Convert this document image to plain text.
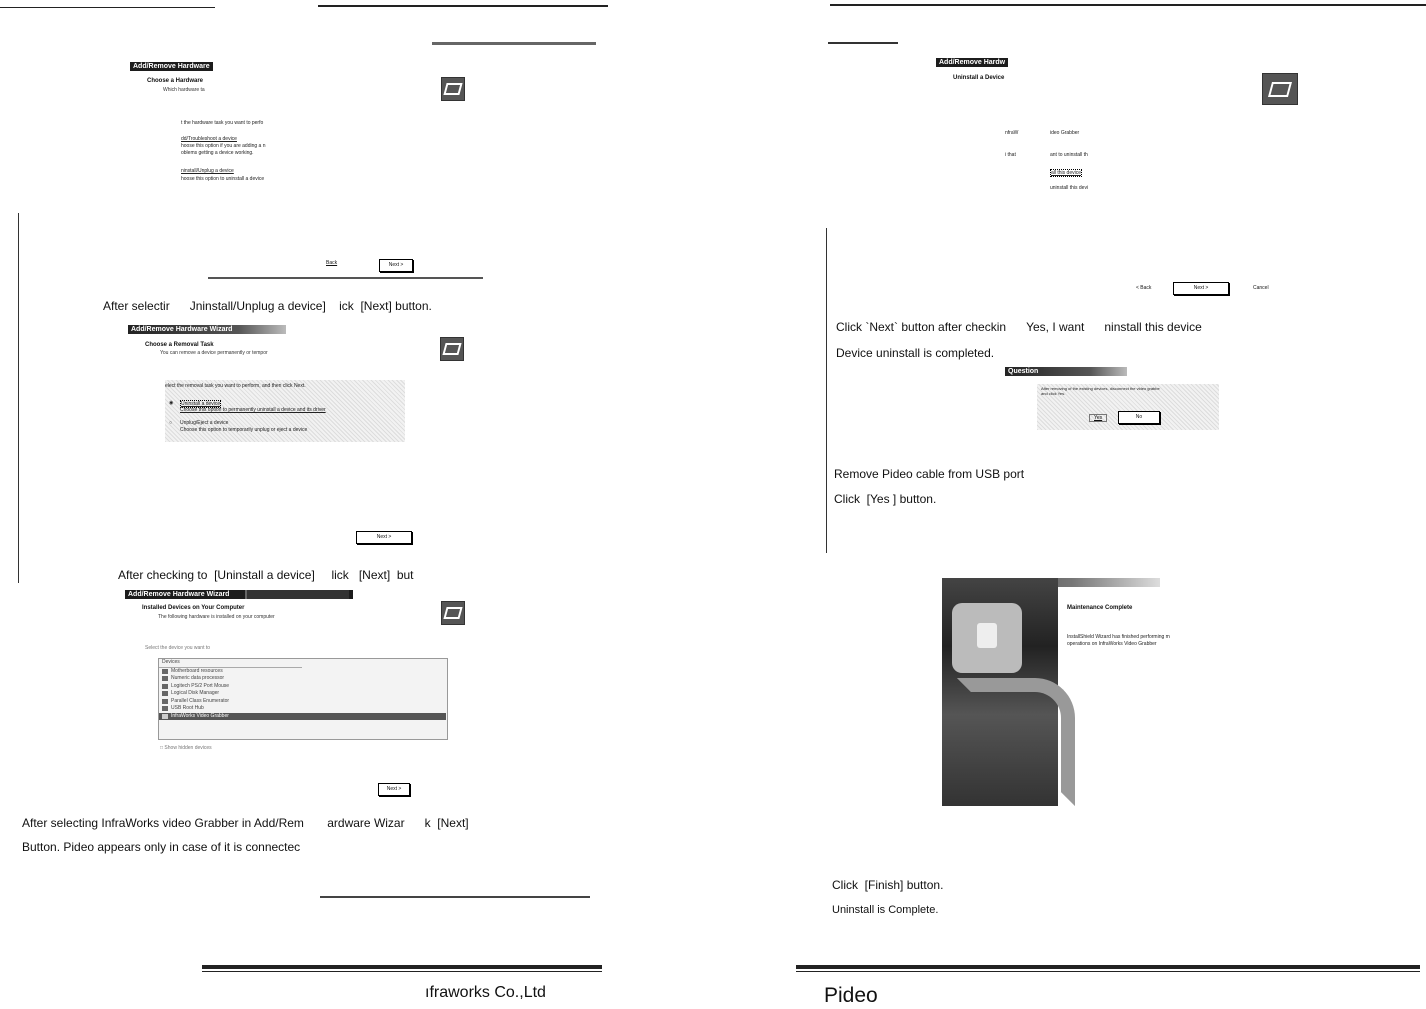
Add/Remove Hardware
Choose a Hardware
Which hardware ta
t the hardware task you want to perfo
dd/Troubleshoot a device
hoose this option if you are adding a n
oblems getting a device working.
ninstall/Unplug a device
hoose this option to uninstall a device
Back	Next >
After selectir Jninstall/Unplug a device] ick [Next] button.
Add/Remove Hardware Wizard
Choose a Removal Task
You can remove a device permanently or tempor
elect the removal task you want to perform, and then click Next.
◉ Uninstall a device
Choose this option to permanently uninstall a device and its driver
○ Unplug/Eject a device
Choose this option to temporarily unplug or eject a device
Next >
After checking to [Uninstall a device] lick [Next] but
Add/Remove Hardware Wizard
Installed Devices on Your Computer
The following hardware is installed on your computer
Select the device you want to
Devices
Motherboard resources
Numeric data processor
Logitech PS/2 Port Mouse
Logical Disk Manager
Parallel Class Enumerator
USB Root Hub
InfraWorks Video Grabber
□ Show hidden devices
Next >
After selecting InfraWorks video Grabber in Add/Rem ardware Wizar k [Next]
Button. Pideo appears only in case of it is connectec
ıfraworks Co.,Ltd
Add/Remove Hardw
Uninstall a Device
nfraW	ideo Grabber
i that	ant to uninstall th
all this device
uninstall this devi
< Back	Next >	Cancel
Click `Next` button after checkin Yes, I want ninstall this device
Device uninstall is completed.
Question
After removing of the existing devices, disconnect the video grabbe
and click Yes.
Yes	No
Remove Pideo cable from USB port
Click [Yes ] button.
Maintenance Complete
InstallShield Wizard has finished performing m
operations on InfraWorks Video Grabber
Click [Finish] button.
Uninstall is Complete.
Pideo
